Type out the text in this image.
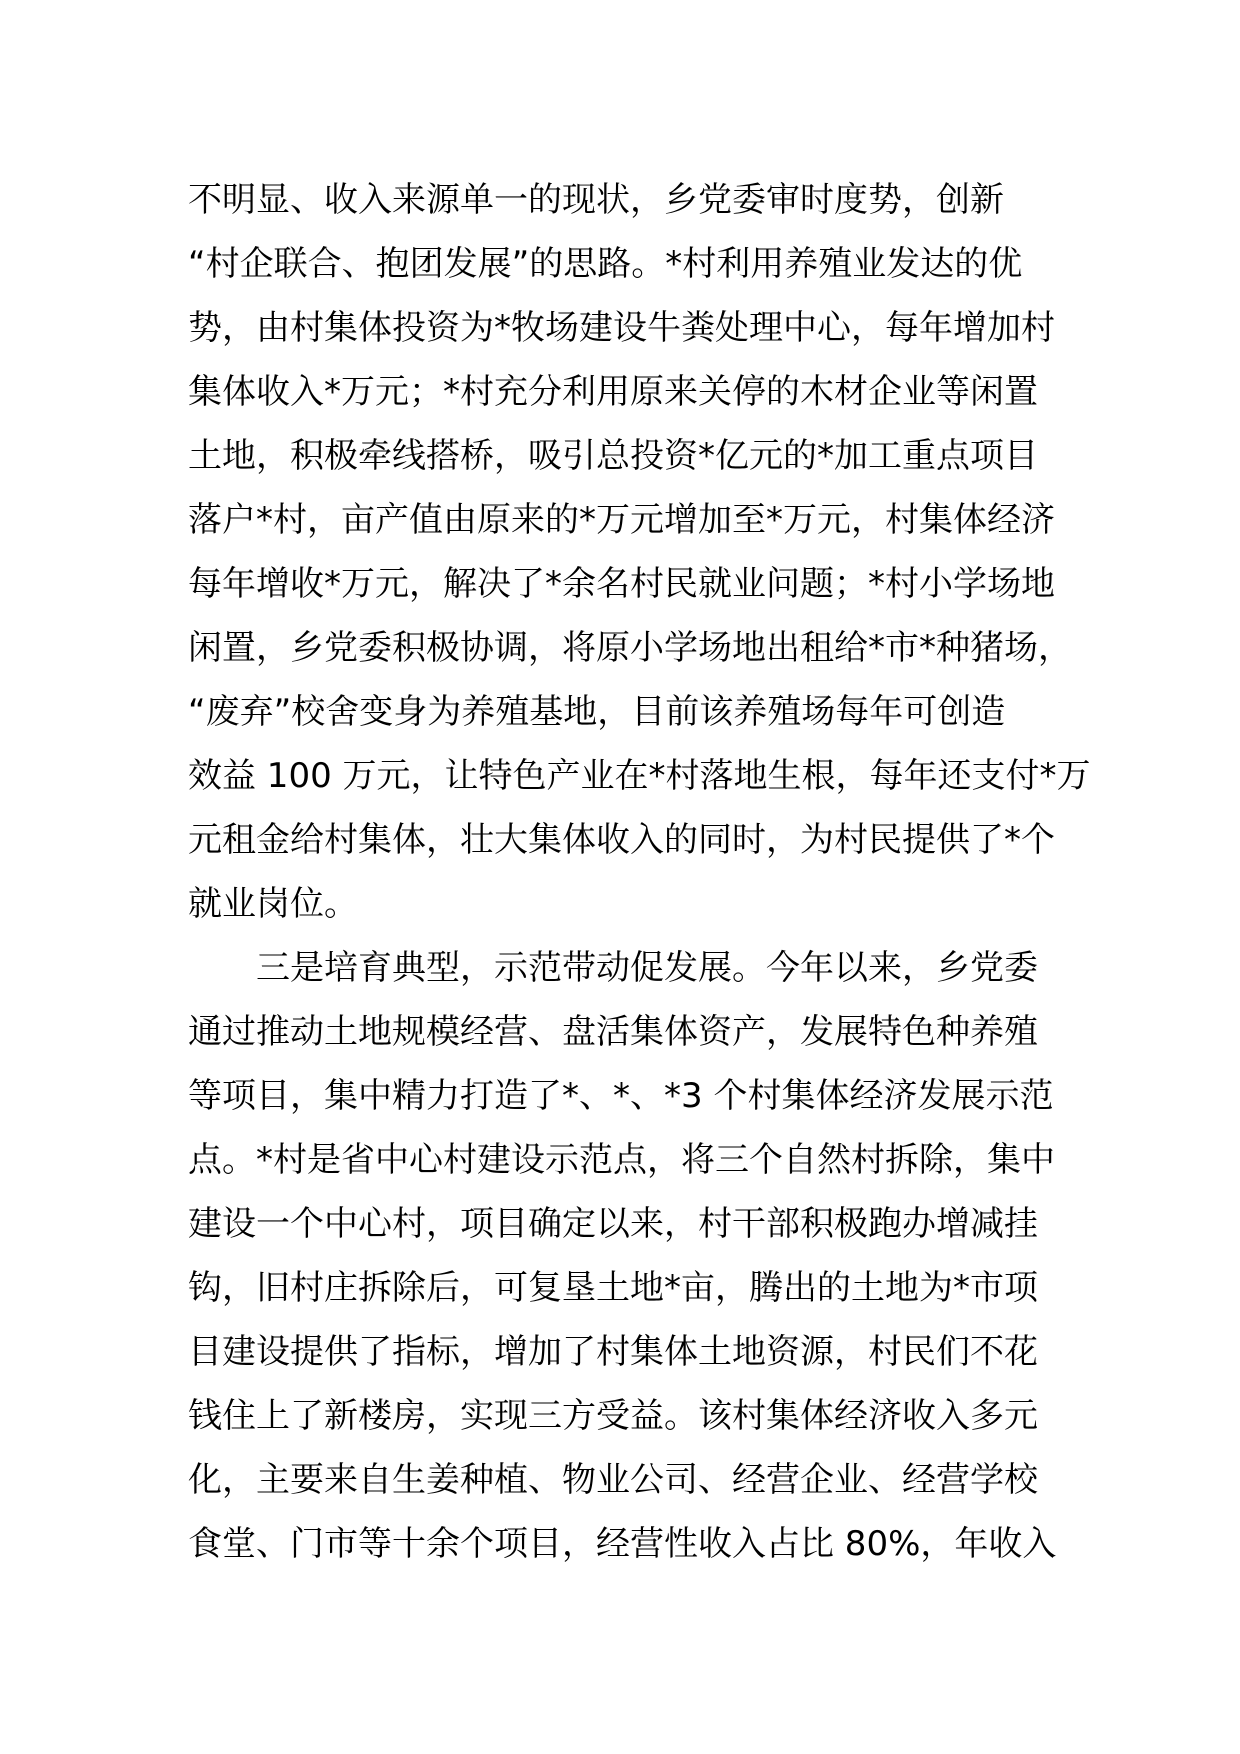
不明显、收入来源单一的现状，乡党委审时度势，创新
“村企联合、抱团发展”的思路。*村利用养殖业发达的优
势，由村集体投资为*牧场建设牛粪处理中心，每年增加村
集体收入*万元；*村充分利用原来关停的木材企业等闲置
土地，积极牵线搭桥，吸引总投资*亿元的*加工重点项目
落户*村，亩产值由原来的*万元增加至*万元，村集体经济
每年增收*万元，解决了*余名村民就业问题；*村小学场地
闲置，乡党委积极协调，将原小学场地出租给*市*种猪场，
“废弃”校舍变身为养殖基地，目前该养殖场每年可创造
效益 100 万元，让特色产业在*村落地生根，每年还支付*万
元租金给村集体，壮大集体收入的同时，为村民提供了*个
就业岗位。
三是培育典型，示范带动促发展。今年以来，乡党委
通过推动土地规模经营、盘活集体资产，发展特色种养殖
等项目，集中精力打造了*、*、*3 个村集体经济发展示范
点。*村是省中心村建设示范点，将三个自然村拆除，集中
建设一个中心村，项目确定以来，村干部积极跑办增减挂
钩，旧村庄拆除后，可复垦土地*亩，腾出的土地为*市项
目建设提供了指标，增加了村集体土地资源，村民们不花
钱住上了新楼房，实现三方受益。该村集体经济收入多元
化，主要来自生姜种植、物业公司、经营企业、经营学校
食堂、门市等十余个项目，经营性收入占比 80%，年收入
